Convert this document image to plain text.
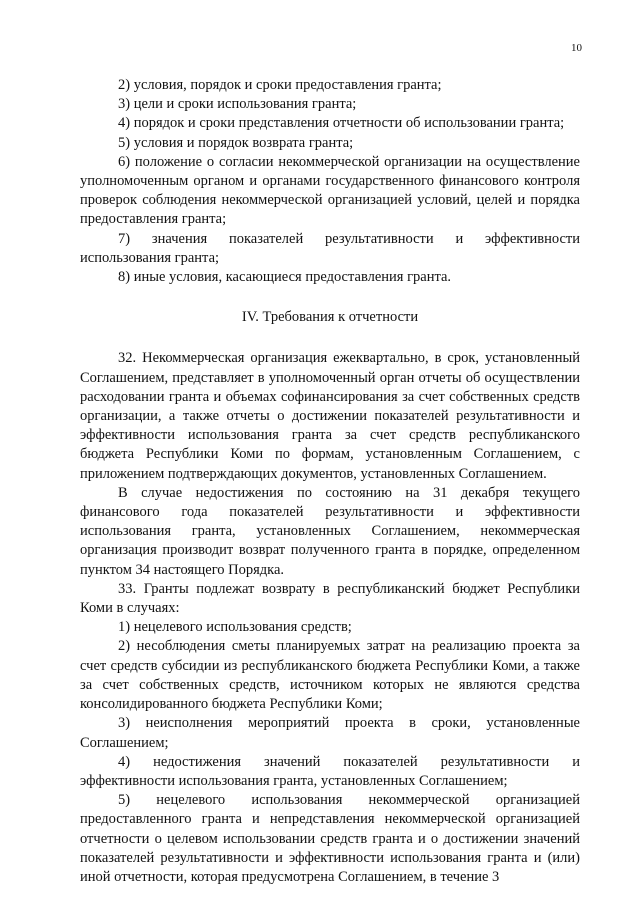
10

2) условия, порядок и сроки предоставления гранта;

3) цели и сроки использования гранта;

4) порядок и сроки представления отчетности об использовании гранта;

5) условия и порядок возврата гранта;

6) положение о согласии некоммерческой организации на осуществление уполномоченным органом и органами государственного финансового контроля проверок соблюдения некоммерческой организацией условий, целей и порядка предоставления гранта;

7) значения показателей результативности и эффективности использования гранта;

8) иные условия, касающиеся предоставления гранта.

IV. Требования к отчетности

32. Некоммерческая организация ежеквартально, в срок, установленный Соглашением, представляет в уполномоченный орган отчеты об осуществлении расходовании гранта и объемах софинансирования за счет собственных средств организации, а также отчеты о достижении показателей результативности и эффективности использования гранта за счет средств республиканского бюджета Республики Коми по формам, установленным Соглашением, с приложением подтверждающих документов, установленных Соглашением.

В случае недостижения по состоянию на 31 декабря текущего финансового года показателей результативности и эффективности использования гранта, установленных Соглашением, некоммерческая организация производит возврат полученного гранта в порядке, определенном пунктом 34 настоящего Порядка.

33. Гранты подлежат возврату в республиканский бюджет Республики Коми в случаях:

1) нецелевого использования средств;

2) несоблюдения сметы планируемых затрат на реализацию проекта за счет средств субсидии из республиканского бюджета Республики Коми, а также за счет собственных средств, источником которых не являются средства консолидированного бюджета Республики Коми;

3) неисполнения мероприятий проекта в сроки, установленные Соглашением;

4) недостижения значений показателей результативности и эффективности использования гранта, установленных Соглашением;

5) нецелевого использования некоммерческой организацией предоставленного гранта и непредставления некоммерческой организацией отчетности о целевом использовании средств гранта и о достижении значений показателей результативности и эффективности использования гранта и (или) иной отчетности, которая предусмотрена Соглашением, в течение 3
